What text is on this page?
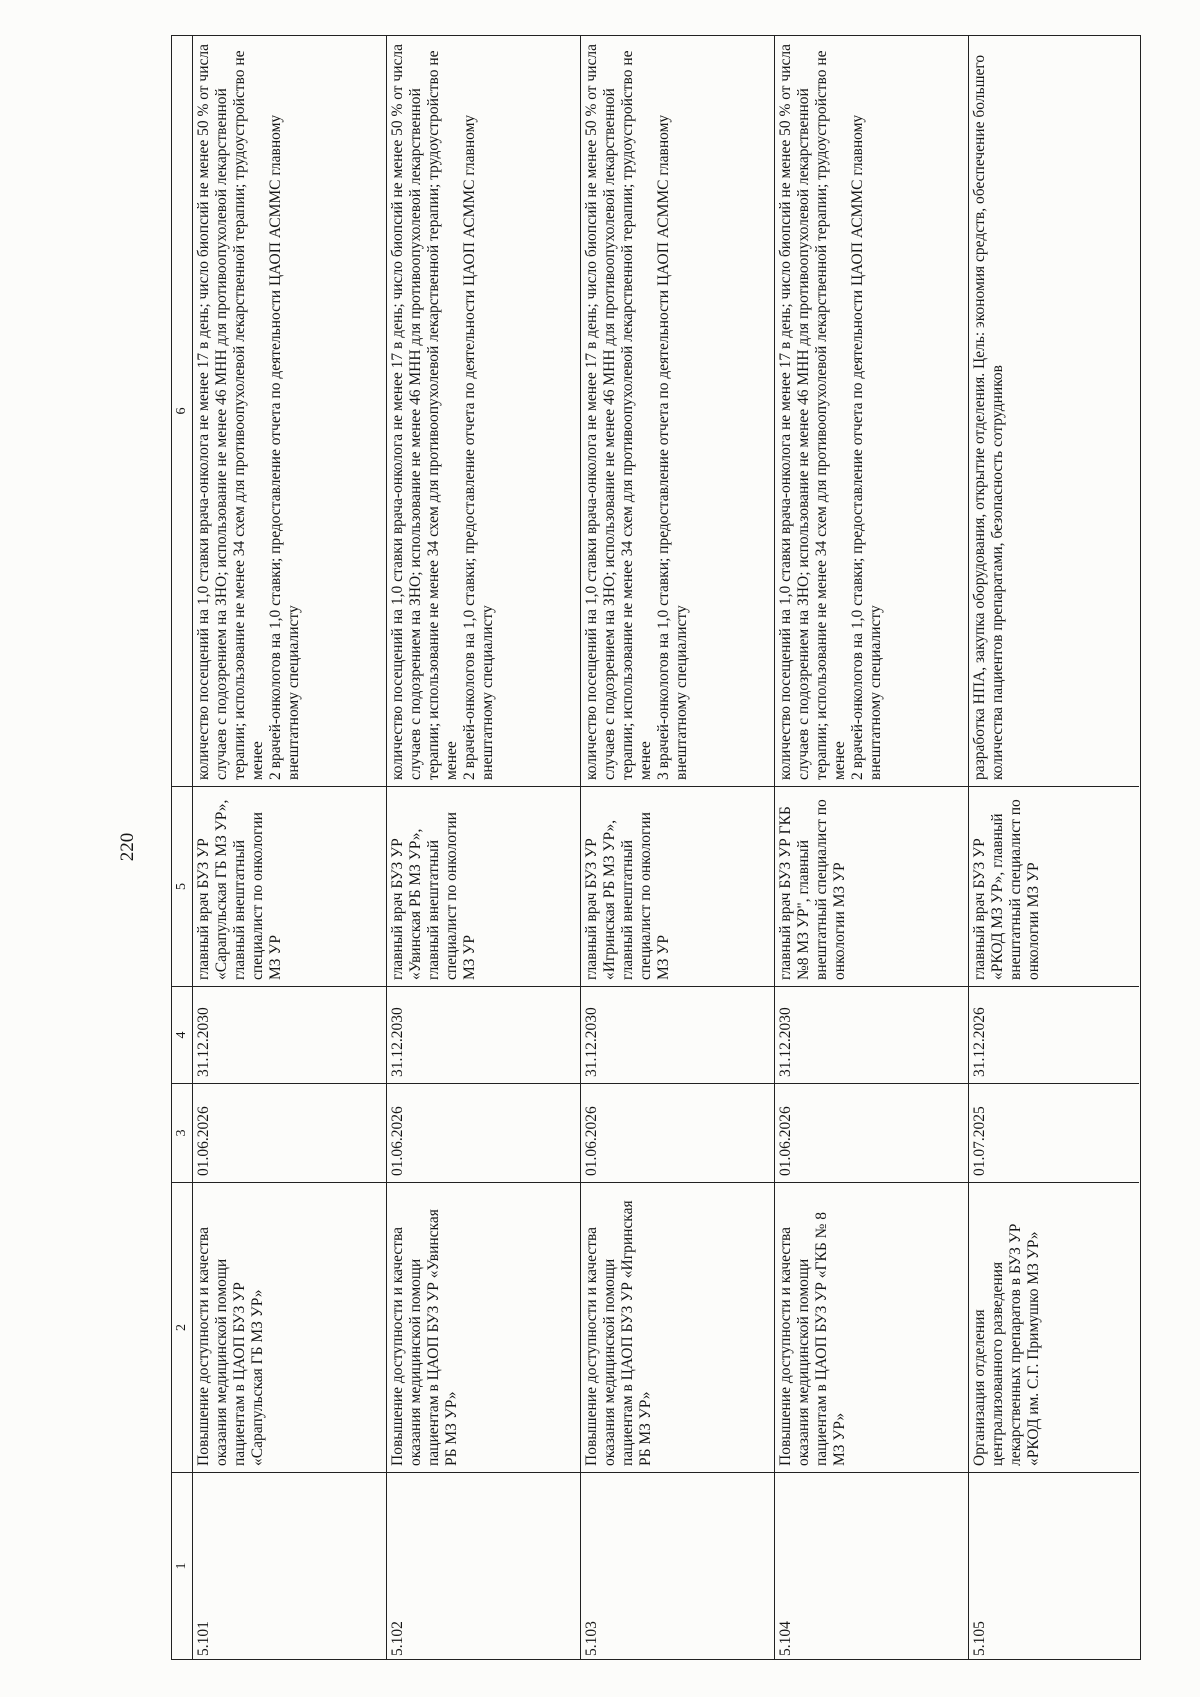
220
1
2
3
4
5
6
5.101
Повышение доступности и качества оказания медицинской помощи пациентам в ЦАОП БУЗ УР «Сарапульская ГБ МЗ УР»
01.06.2026
31.12.2030
главный врач БУЗ УР «Сарапульская ГБ МЗ УР», главный внештатный специалист по онкологии МЗ УР
количество посещений на 1,0 ставки врача-онколога не менее 17 в день; число биопсий не менее 50 % от числа случаев с подозрением на ЗНО; использование не менее 46 МНН для противоопухолевой лекарственной терапии; использование не менее 34 схем для противоопухолевой лекарственной терапии; трудоустройство не менее
2 врачей-онкологов на 1,0 ставки; предоставление отчета по деятельности ЦАОП АСММС главному внештатному специалисту
5.102
Повышение доступности и качества оказания медицинской помощи пациентам в ЦАОП БУЗ УР «Увинская РБ МЗ УР»
01.06.2026
31.12.2030
главный врач БУЗ УР «Увинская РБ МЗ УР», главный внештатный специалист по онкологии МЗ УР
количество посещений на 1,0 ставки врача-онколога не менее 17 в день; число биопсий не менее 50 % от числа случаев с подозрением на ЗНО; использование не менее 46 МНН для противоопухолевой лекарственной терапии; использование не менее 34 схем для противоопухолевой лекарственной терапии; трудоустройство не менее
2 врачей-онкологов на 1,0 ставки; предоставление отчета по деятельности ЦАОП АСММС главному внештатному специалисту
5.103
Повышение доступности и качества оказания медицинской помощи пациентам в ЦАОП БУЗ УР «Игринская РБ МЗ УР»
01.06.2026
31.12.2030
главный врач БУЗ УР «Игринская РБ МЗ УР», главный внештатный специалист по онкологии МЗ УР
количество посещений на 1,0 ставки врача-онколога не менее 17 в день; число биопсий не менее 50 % от числа случаев с подозрением на ЗНО; использование не менее 46 МНН для противоопухолевой лекарственной терапии; использование не менее 34 схем для противоопухолевой лекарственной терапии; трудоустройство не менее
3 врачей-онкологов на 1,0 ставки; предоставление отчета по деятельности ЦАОП АСММС главному внештатному специалисту
5.104
Повышение доступности и качества оказания медицинской помощи пациентам в ЦАОП БУЗ УР «ГКБ № 8 МЗ УР»
01.06.2026
31.12.2030
главный врач БУЗ УР ГКБ №8 МЗ УР", главный внештатный специалист по онкологии МЗ УР
количество посещений на 1,0 ставки врача-онколога не менее 17 в день; число биопсий не менее 50 % от числа случаев с подозрением на ЗНО; использование не менее 46 МНН для противоопухолевой лекарственной терапии; использование не менее 34 схем для противоопухолевой лекарственной терапии; трудоустройство не менее
2 врачей-онкологов на 1,0 ставки; предоставление отчета по деятельности ЦАОП АСММС главному внештатному специалисту
5.105
Организация отделения централизованного разведения лекарственных препаратов в БУЗ УР «РКОД им. С.Г. Примушко МЗ УР»
01.07.2025
31.12.2026
главный врач БУЗ УР «РКОД МЗ УР», главный внештатный специалист по онкологии МЗ УР
разработка НПА, закупка оборудования, открытие отделения. Цель: экономия средств, обеспечение большего количества пациентов препаратами, безопасность сотрудников
